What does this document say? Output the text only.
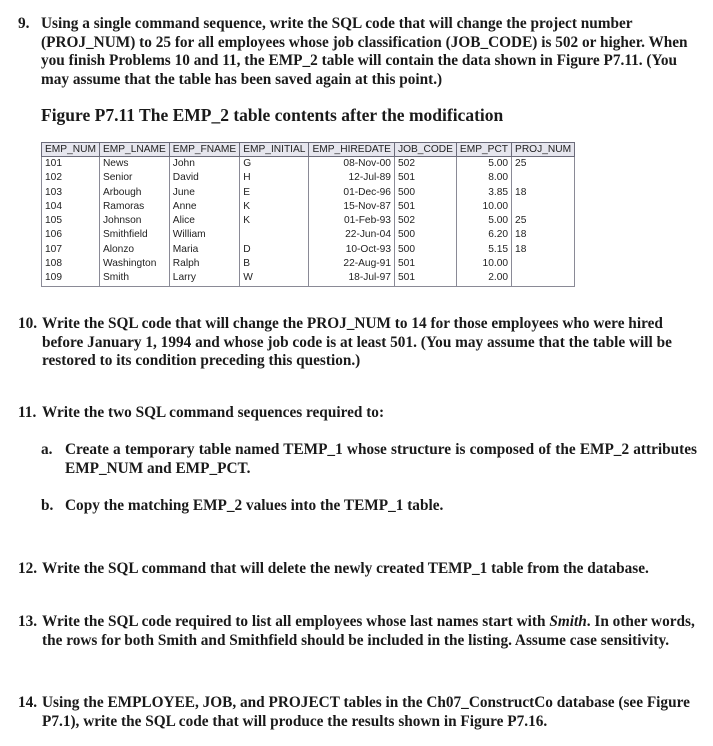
9. Using a single command sequence, write the SQL code that will change the project number (PROJ_NUM) to 25 for all employees whose job classification (JOB_CODE) is 502 or higher. When you finish Problems 10 and 11, the EMP_2 table will contain the data shown in Figure P7.11. (You may assume that the table has been saved again at this point.)
Figure P7.11 The EMP_2 table contents after the modification
EMP_NUM	EMP_LNAME	EMP_FNAME	EMP_INITIAL	EMP_HIREDATE	JOB_CODE	EMP_PCT	PROJ_NUM
101	News	John	G	08-Nov-00	502	5.00	25
102	Senior	David	H	12-Jul-89	501	8.00	
103	Arbough	June	E	01-Dec-96	500	3.85	18
104	Ramoras	Anne	K	15-Nov-87	501	10.00	
105	Johnson	Alice	K	01-Feb-93	502	5.00	25
106	Smithfield	William		22-Jun-04	500	6.20	18
107	Alonzo	Maria	D	10-Oct-93	500	5.15	18
108	Washington	Ralph	B	22-Aug-91	501	10.00	
109	Smith	Larry	W	18-Jul-97	501	2.00	
10. Write the SQL code that will change the PROJ_NUM to 14 for those employees who were hired before January 1, 1994 and whose job code is at least 501. (You may assume that the table will be restored to its condition preceding this question.)
11. Write the two SQL command sequences required to:
a. Create a temporary table named TEMP_1 whose structure is composed of the EMP_2 attributes EMP_NUM and EMP_PCT.
b. Copy the matching EMP_2 values into the TEMP_1 table.
12. Write the SQL command that will delete the newly created TEMP_1 table from the database.
13. Write the SQL code required to list all employees whose last names start with Smith. In other words, the rows for both Smith and Smithfield should be included in the listing. Assume case sensitivity.
14. Using the EMPLOYEE, JOB, and PROJECT tables in the Ch07_ConstructCo database (see Figure P7.1), write the SQL code that will produce the results shown in Figure P7.16.
